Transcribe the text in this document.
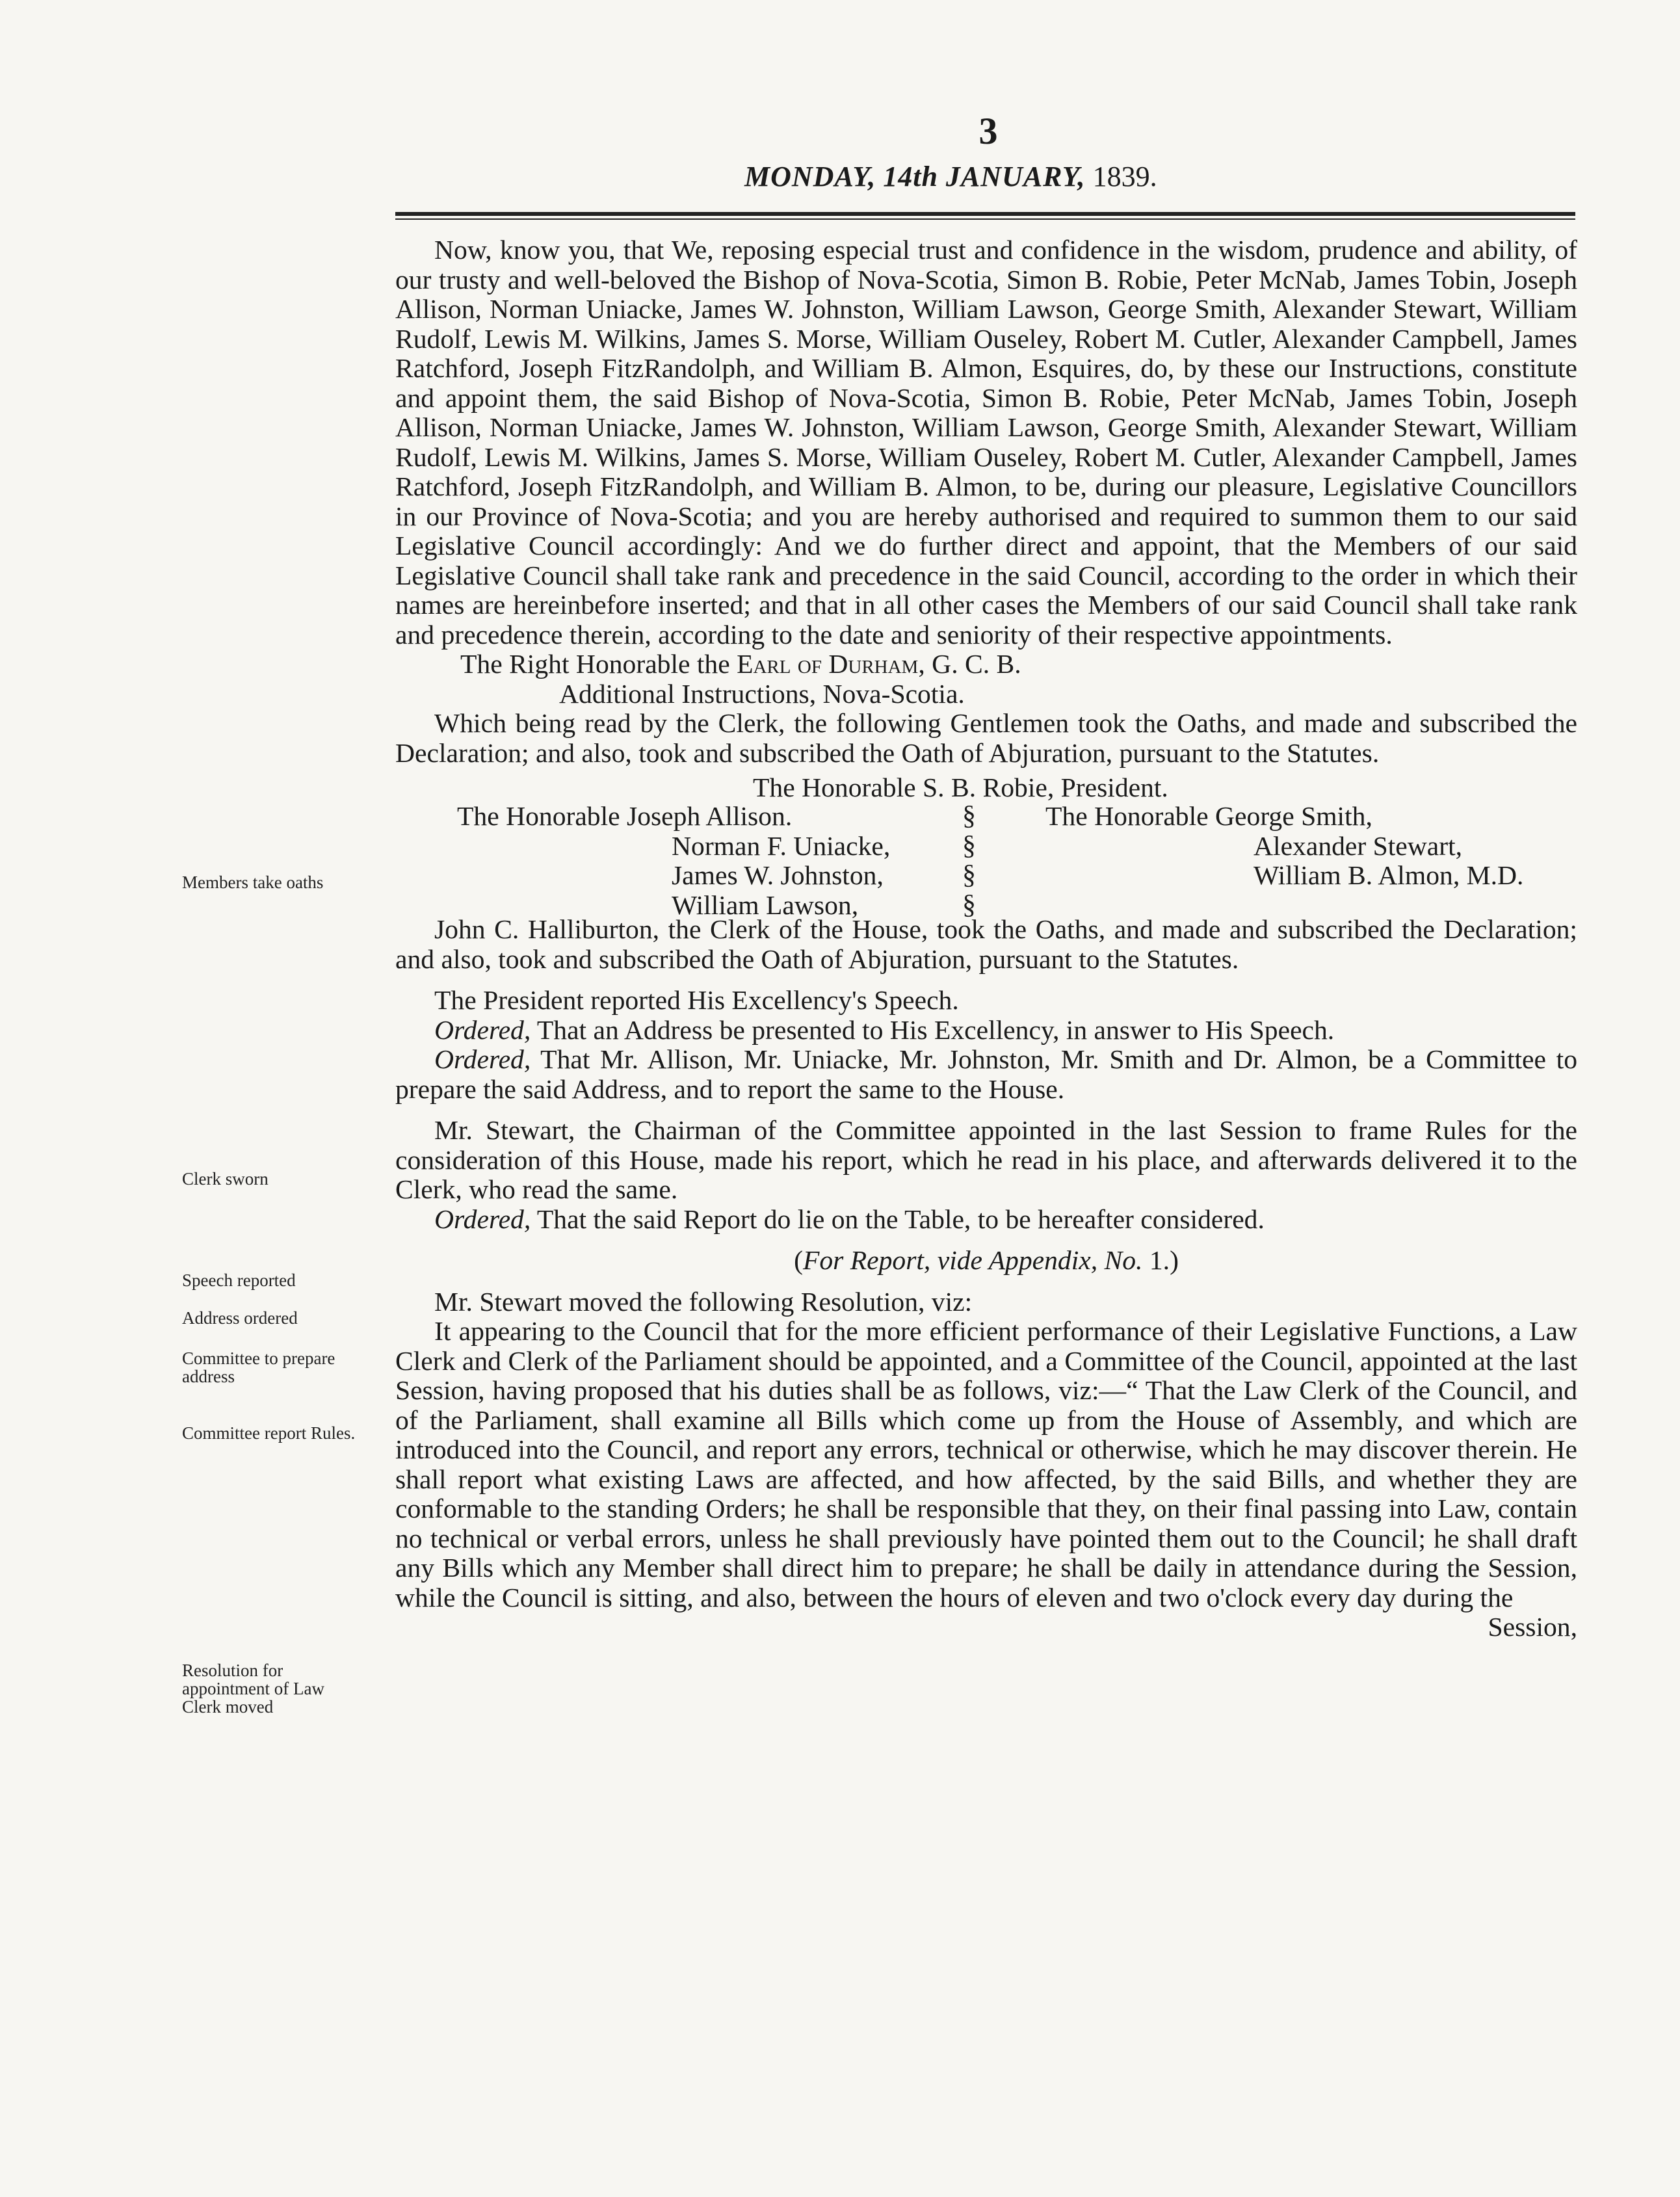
3
MONDAY, 14th JANUARY, 1839.
Members take oaths
Clerk sworn
Speech reported
Address ordered
Committee to prepare address
Committee report Rules.
Resolution for appointment of Law Clerk moved

Now, know you, that We, reposing especial trust and confidence in the wisdom, prudence and ability, of our trusty and well-beloved the Bishop of Nova-Scotia, Simon B. Robie, Peter McNab, James Tobin, Joseph Allison, Norman Uniacke, James W. Johnston, William Lawson, George Smith, Alexander Stewart, William Rudolf, Lewis M. Wilkins, James S. Morse, William Ouseley, Robert M. Cutler, Alexander Campbell, James Ratchford, Joseph FitzRandolph, and William B. Almon, Esquires, do, by these our Instructions, constitute and appoint them, the said Bishop of Nova-Scotia, Simon B. Robie, Peter McNab, James Tobin, Joseph Allison, Norman Uniacke, James W. Johnston, William Lawson, George Smith, Alexander Stewart, William Rudolf, Lewis M. Wilkins, James S. Morse, William Ouseley, Robert M. Cutler, Alexander Campbell, James Ratchford, Joseph FitzRandolph, and William B. Almon, to be, during our pleasure, Legislative Councillors in our Province of Nova-Scotia; and you are hereby authorised and required to summon them to our said Legislative Council accordingly: And we do further direct and appoint, that the Members of our said Legislative Council shall take rank and precedence in the said Council, according to the order in which their names are hereinbefore inserted; and that in all other cases the Members of our said Council shall take rank and precedence therein, according to the date and seniority of their respective appointments.

The Right Honorable the Earl of Durham, G. C. B.

Additional Instructions, Nova-Scotia.

Which being read by the Clerk, the following Gentlemen took the Oaths, and made and subscribed the Declaration; and also, took and subscribed the Oath of Abjuration, pursuant to the Statutes.

The Honorable S. B. Robie, President.
The Honorable Joseph Allison.
Norman F. Uniacke,
James W. Johnston,
William Lawson,
§
§
§
§
The Honorable George Smith,
Alexander Stewart,
William B. Almon, M.D.

John C. Halliburton, the Clerk of the House, took the Oaths, and made and subscribed the Declaration; and also, took and subscribed the Oath of Abjuration, pursuant to the Statutes.

The President reported His Excellency's Speech.

Ordered, That an Address be presented to His Excellency, in answer to His Speech.

Ordered, That Mr. Allison, Mr. Uniacke, Mr. Johnston, Mr. Smith and Dr. Almon, be a Committee to prepare the said Address, and to report the same to the House.

Mr. Stewart, the Chairman of the Committee appointed in the last Session to frame Rules for the consideration of this House, made his report, which he read in his place, and afterwards delivered it to the Clerk, who read the same.

Ordered, That the said Report do lie on the Table, to be hereafter considered.

(For Report, vide Appendix, No. 1.)

Mr. Stewart moved the following Resolution, viz:

It appearing to the Council that for the more efficient performance of their Legislative Functions, a Law Clerk and Clerk of the Parliament should be appointed, and a Committee of the Council, appointed at the last Session, having proposed that his duties shall be as follows, viz:—“ That the Law Clerk of the Council, and of the Parliament, shall examine all Bills which come up from the House of Assembly, and which are introduced into the Council, and report any errors, technical or otherwise, which he may discover therein. He shall report what existing Laws are affected, and how affected, by the said Bills, and whether they are conformable to the standing Orders; he shall be responsible that they, on their final passing into Law, contain no technical or verbal errors, unless he shall previously have pointed them out to the Council; he shall draft any Bills which any Member shall direct him to prepare; he shall be daily in attendance during the Session, while the Council is sitting, and also, between the hours of eleven and two o'clock every day during the

Session,
